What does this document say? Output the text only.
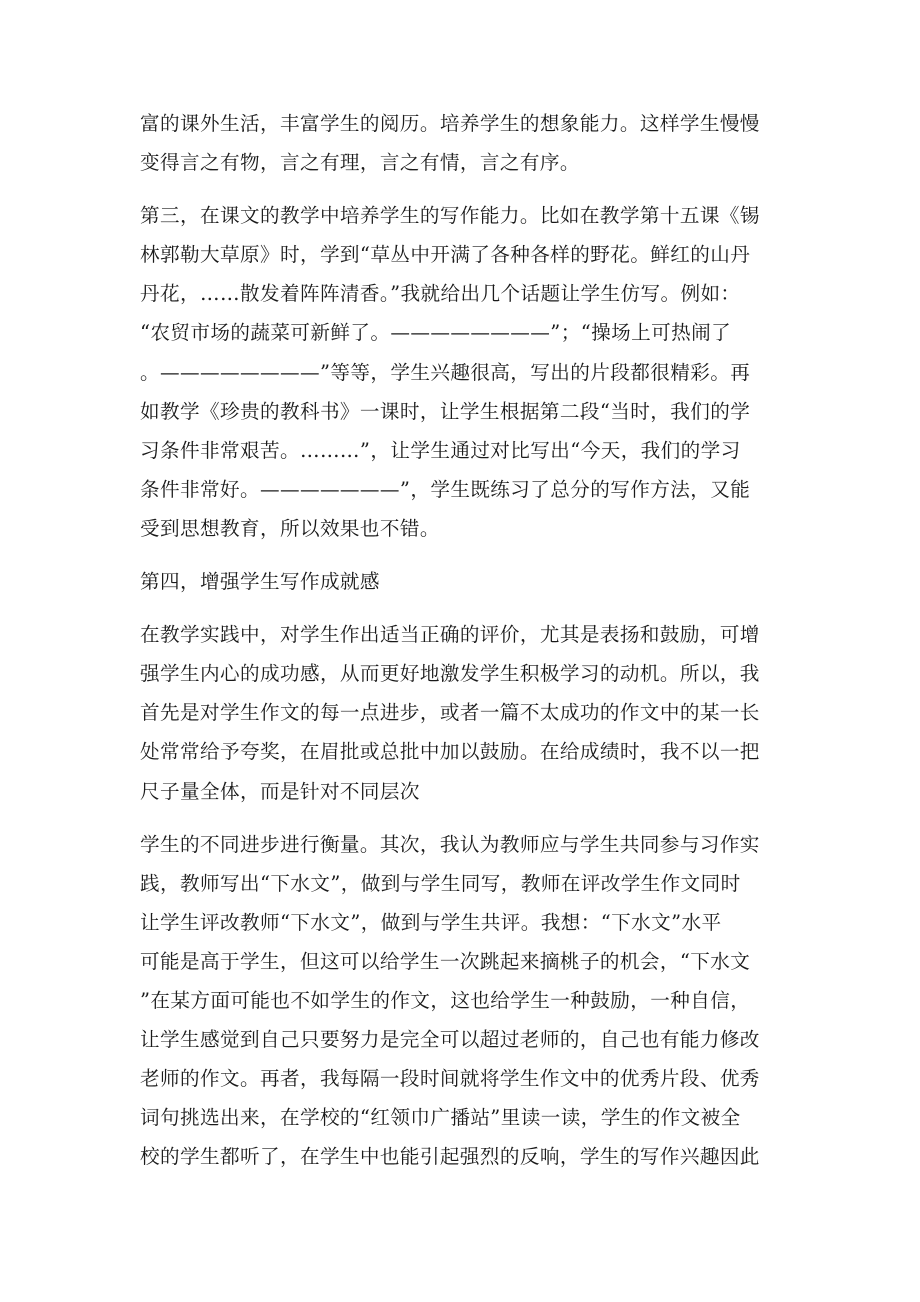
富的课外生活，丰富学生的阅历。培养学生的想象能力。这样学生慢慢
变得言之有物，言之有理，言之有情，言之有序。

第三，在课文的教学中培养学生的写作能力。比如在教学第十五课《锡
林郭勒大草原》时，学到“草丛中开满了各种各样的野花。鲜红的山丹
丹花，……散发着阵阵清香。”我就给出几个话题让学生仿写。例如：
“农贸市场的蔬菜可新鲜了。————————”；“操场上可热闹了
。————————”等等，学生兴趣很高，写出的片段都很精彩。再
如教学《珍贵的教科书》一课时，让学生根据第二段“当时，我们的学
习条件非常艰苦。………”，让学生通过对比写出“今天，我们的学习
条件非常好。———————”，学生既练习了总分的写作方法，又能
受到思想教育，所以效果也不错。

第四，增强学生写作成就感

在教学实践中，对学生作出适当正确的评价，尤其是表扬和鼓励，可增
强学生内心的成功感，从而更好地激发学生积极学习的动机。所以，我
首先是对学生作文的每一点进步，或者一篇不太成功的作文中的某一长
处常常给予夸奖，在眉批或总批中加以鼓励。在给成绩时，我不以一把
尺子量全体，而是针对不同层次

学生的不同进步进行衡量。其次，我认为教师应与学生共同参与习作实
践，教师写出“下水文”，做到与学生同写，教师在评改学生作文同时
让学生评改教师“下水文”，做到与学生共评。我想：“下水文”水平
可能是高于学生，但这可以给学生一次跳起来摘桃子的机会，“下水文
”在某方面可能也不如学生的作文，这也给学生一种鼓励，一种自信，
让学生感觉到自己只要努力是完全可以超过老师的，自己也有能力修改
老师的作文。再者，我每隔一段时间就将学生作文中的优秀片段、优秀
词句挑选出来，在学校的“红领巾广播站”里读一读，学生的作文被全
校的学生都听了，在学生中也能引起强烈的反响，学生的写作兴趣因此
